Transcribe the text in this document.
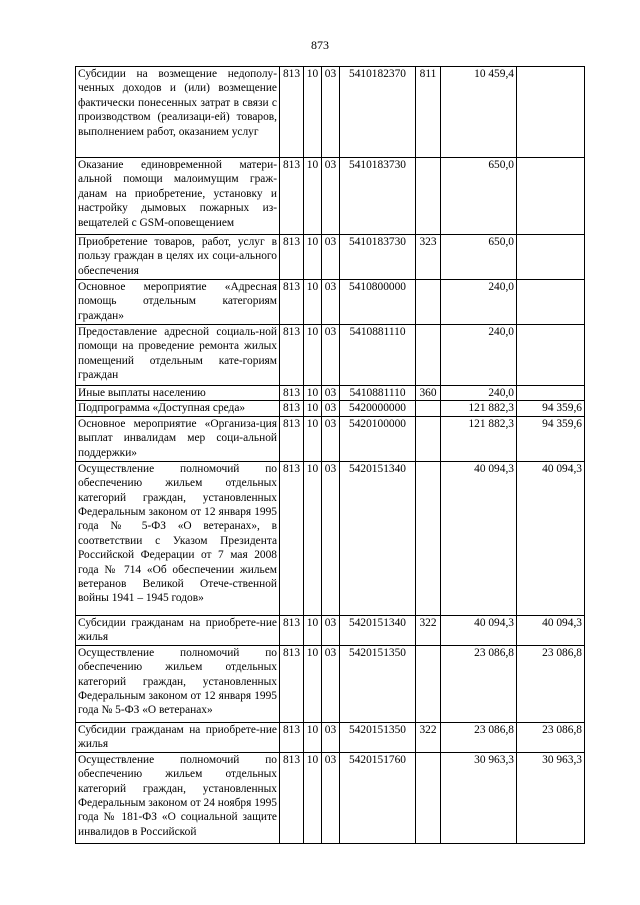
873
Субсидии на возмещение недополу-ченных доходов и (или) возмещение фактически понесенных затрат в связи с производством (реализаци-ей) товаров, выполнением работ, оказанием услуг	813	10	03	5410182370	811	10 459,4	
Оказание единовременной матери-альной помощи малоимущим граж-данам на приобретение, установку и настройку дымовых пожарных из-вещателей с GSM-оповещением	813	10	03	5410183730		650,0	
Приобретение товаров, работ, услуг в пользу граждан в целях их соци-ального обеспечения	813	10	03	5410183730	323	650,0	
Основное мероприятие «Адресная помощь отдельным категориям граждан»	813	10	03	5410800000		240,0	
Предоставление адресной социаль-ной помощи на проведение ремонта жилых помещений отдельным кате-гориям граждан	813	10	03	5410881110		240,0	
Иные выплаты населению	813	10	03	5410881110	360	240,0	
Подпрограмма «Доступная среда»	813	10	03	5420000000		121 882,3	94 359,6
Основное мероприятие «Организа-ция выплат инвалидам мер соци-альной поддержки»	813	10	03	5420100000		121 882,3	94 359,6
Осуществление полномочий по обеспечению жильем отдельных категорий граждан, установленных Федеральным законом от 12 января 1995 года № 5-ФЗ «О ветеранах», в соответствии с Указом Президента Российской Федерации от 7 мая 2008 года № 714 «Об обеспечении жильем ветеранов Великой Отече-ственной войны 1941 – 1945 годов»	813	10	03	5420151340		40 094,3	40 094,3
Субсидии гражданам на приобрете-ние жилья	813	10	03	5420151340	322	40 094,3	40 094,3
Осуществление полномочий по обеспечению жильем отдельных категорий граждан, установленных Федеральным законом от 12 января 1995 года № 5-ФЗ «О ветеранах»	813	10	03	5420151350		23 086,8	23 086,8
Субсидии гражданам на приобрете-ние жилья	813	10	03	5420151350	322	23 086,8	23 086,8
Осуществление полномочий по обеспечению жильем отдельных категорий граждан, установленных Федеральным законом от 24 ноября 1995 года № 181-ФЗ «О социальной защите инвалидов в Российской	813	10	03	5420151760		30 963,3	30 963,3
